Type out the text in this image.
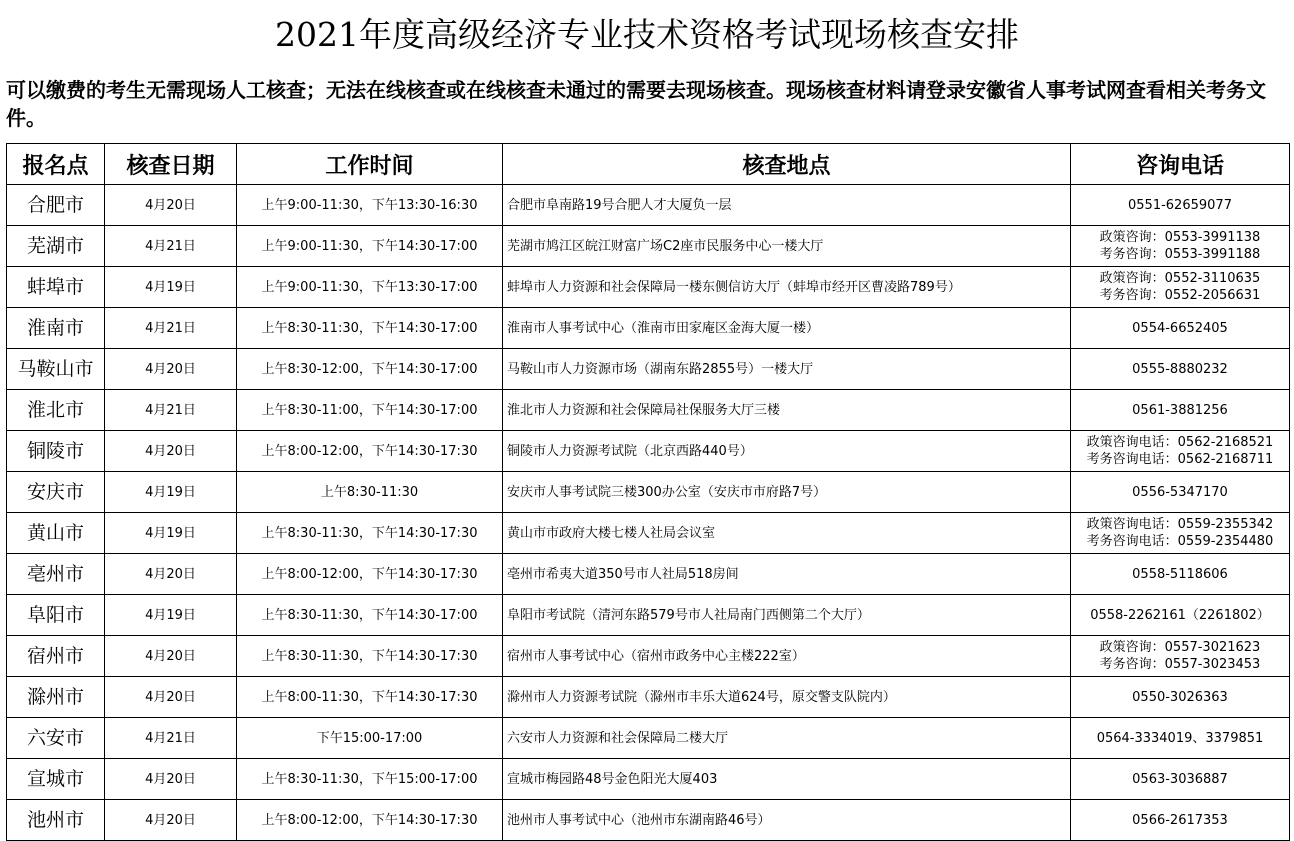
2021年度高级经济专业技术资格考试现场核查安排
可以缴费的考生无需现场人工核查；无法在线核查或在线核查未通过的需要去现场核查。现场核查材料请登录安徽省人事考试网查看相关考务文件。
报名点	核查日期	工作时间	核查地点	咨询电话
合肥市	4月20日	上午9:00-11:30，下午13:30-16:30	合肥市阜南路19号合肥人才大厦负一层	0551-62659077

芜湖市	4月21日	上午9:00-11:30，下午14:30-17:00	芜湖市鸠江区皖江财富广场C2座市民服务中心一楼大厅	政策咨询：0553-3991138
考务咨询：0553-3991188

蚌埠市	4月19日	上午9:00-11:30，下午13:30-17:00	蚌埠市人力资源和社会保障局一楼东侧信访大厅（蚌埠市经开区曹凌路789号）	政策咨询：0552-3110635
考务咨询：0552-2056631

淮南市	4月21日	上午8:30-11:30，下午14:30-17:00	淮南市人事考试中心（淮南市田家庵区金海大厦一楼）	0554-6652405

马鞍山市	4月20日	上午8:30-12:00，下午14:30-17:00	马鞍山市人力资源市场（湖南东路2855号）一楼大厅	0555-8880232

淮北市	4月21日	上午8:30-11:00，下午14:30-17:00	淮北市人力资源和社会保障局社保服务大厅三楼	0561-3881256

铜陵市	4月20日	上午8:00-12:00，下午14:30-17:30	铜陵市人力资源考试院（北京西路440号）	政策咨询电话：0562-2168521
考务咨询电话：0562-2168711

安庆市	4月19日	上午8:30-11:30	安庆市人事考试院三楼300办公室（安庆市市府路7号）	0556-5347170

黄山市	4月19日	上午8:30-11:30，下午14:30-17:30	黄山市市政府大楼七楼人社局会议室	政策咨询电话：0559-2355342
考务咨询电话：0559-2354480

亳州市	4月20日	上午8:00-12:00，下午14:30-17:30	亳州市希夷大道350号市人社局518房间	0558-5118606

阜阳市	4月19日	上午8:30-11:30，下午14:30-17:00	阜阳市考试院（清河东路579号市人社局南门西侧第二个大厅）	0558-2262161（2261802）

宿州市	4月20日	上午8:30-11:30，下午14:30-17:30	宿州市人事考试中心（宿州市政务中心主楼222室）	政策咨询：0557-3021623
考务咨询：0557-3023453

滁州市	4月20日	上午8:00-11:30，下午14:30-17:30	滁州市人力资源考试院（滁州市丰乐大道624号，原交警支队院内）	0550-3026363

六安市	4月21日	下午15:00-17:00	六安市人力资源和社会保障局二楼大厅	0564-3334019、3379851

宣城市	4月20日	上午8:30-11:30，下午15:00-17:00	宣城市梅园路48号金色阳光大厦403	0563-3036887

池州市	4月20日	上午8:00-12:00，下午14:30-17:30	池州市人事考试中心（池州市东湖南路46号）	0566-2617353
